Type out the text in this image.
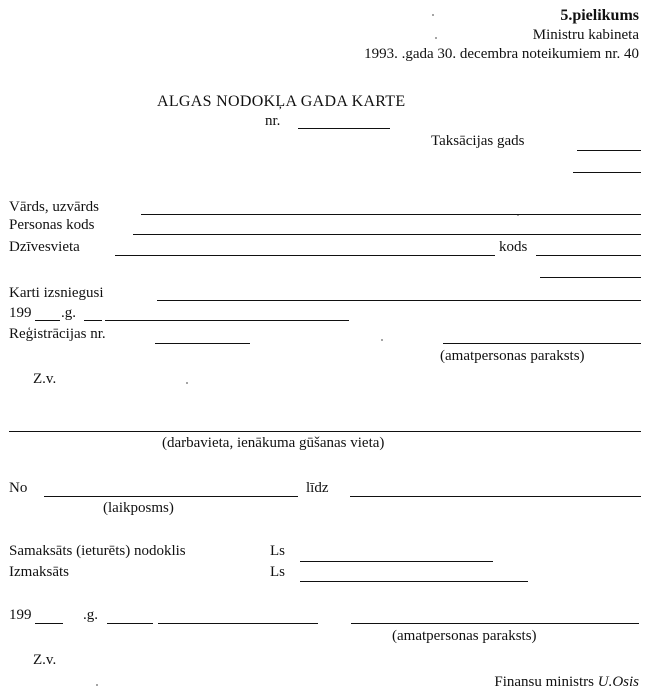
5.pielikums
Ministru kabineta
1993. .gada 30. decembra noteikumiem nr. 40
ALGAS NODOKĻA GADA KARTE
nr.
Taksācijas gads
Vārds, uzvārds
Personas kods
Dzīvesvieta	kods
Karti izsniegusi
199 .g.
Reģistrācijas nr.
(amatpersonas paraksts)
Z.v.
(darbavieta, ienākuma gūšanas vieta)
No	līdz
(laikposms)
Samaksāts (ieturēts) nodoklis	Ls
Izmaksāts	Ls
199	.g.
(amatpersonas paraksts)
Z.v.
Finansu ministrs U.Osis
